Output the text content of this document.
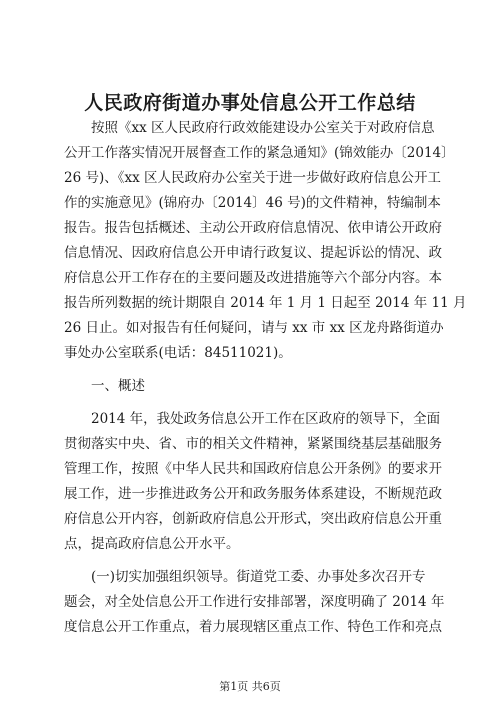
人民政府街道办事处信息公开工作总结
按照《xx 区人民政府行政效能建设办公室关于对政府信息
公开工作落实情况开展督查工作的紧急通知》(锦效能办〔2014〕
26 号)、《xx 区人民政府办公室关于进一步做好政府信息公开工
作的实施意见》(锦府办〔2014〕46 号)的文件精神，特编制本
报告。报告包括概述、主动公开政府信息情况、依申请公开政府
信息情况、因政府信息公开申请行政复议、提起诉讼的情况、政
府信息公开工作存在的主要问题及改进措施等六个部分内容。本
报告所列数据的统计期限自 2014 年 1 月 1 日起至 2014 年 11 月
26 日止。如对报告有任何疑问，请与 xx 市 xx 区龙舟路街道办
事处办公室联系(电话：84511021)。
一、概述
2014 年，我处政务信息公开工作在区政府的领导下，全面
贯彻落实中央、省、市的相关文件精神，紧紧围绕基层基础服务
管理工作，按照《中华人民共和国政府信息公开条例》的要求开
展工作，进一步推进政务公开和政务服务体系建设，不断规范政
府信息公开内容，创新政府信息公开形式，突出政府信息公开重
点，提高政府信息公开水平。
(一)切实加强组织领导。街道党工委、办事处多次召开专
题会，对全处信息公开工作进行安排部署，深度明确了 2014 年
度信息公开工作重点，着力展现辖区重点工作、特色工作和亮点
第1页 共6页
